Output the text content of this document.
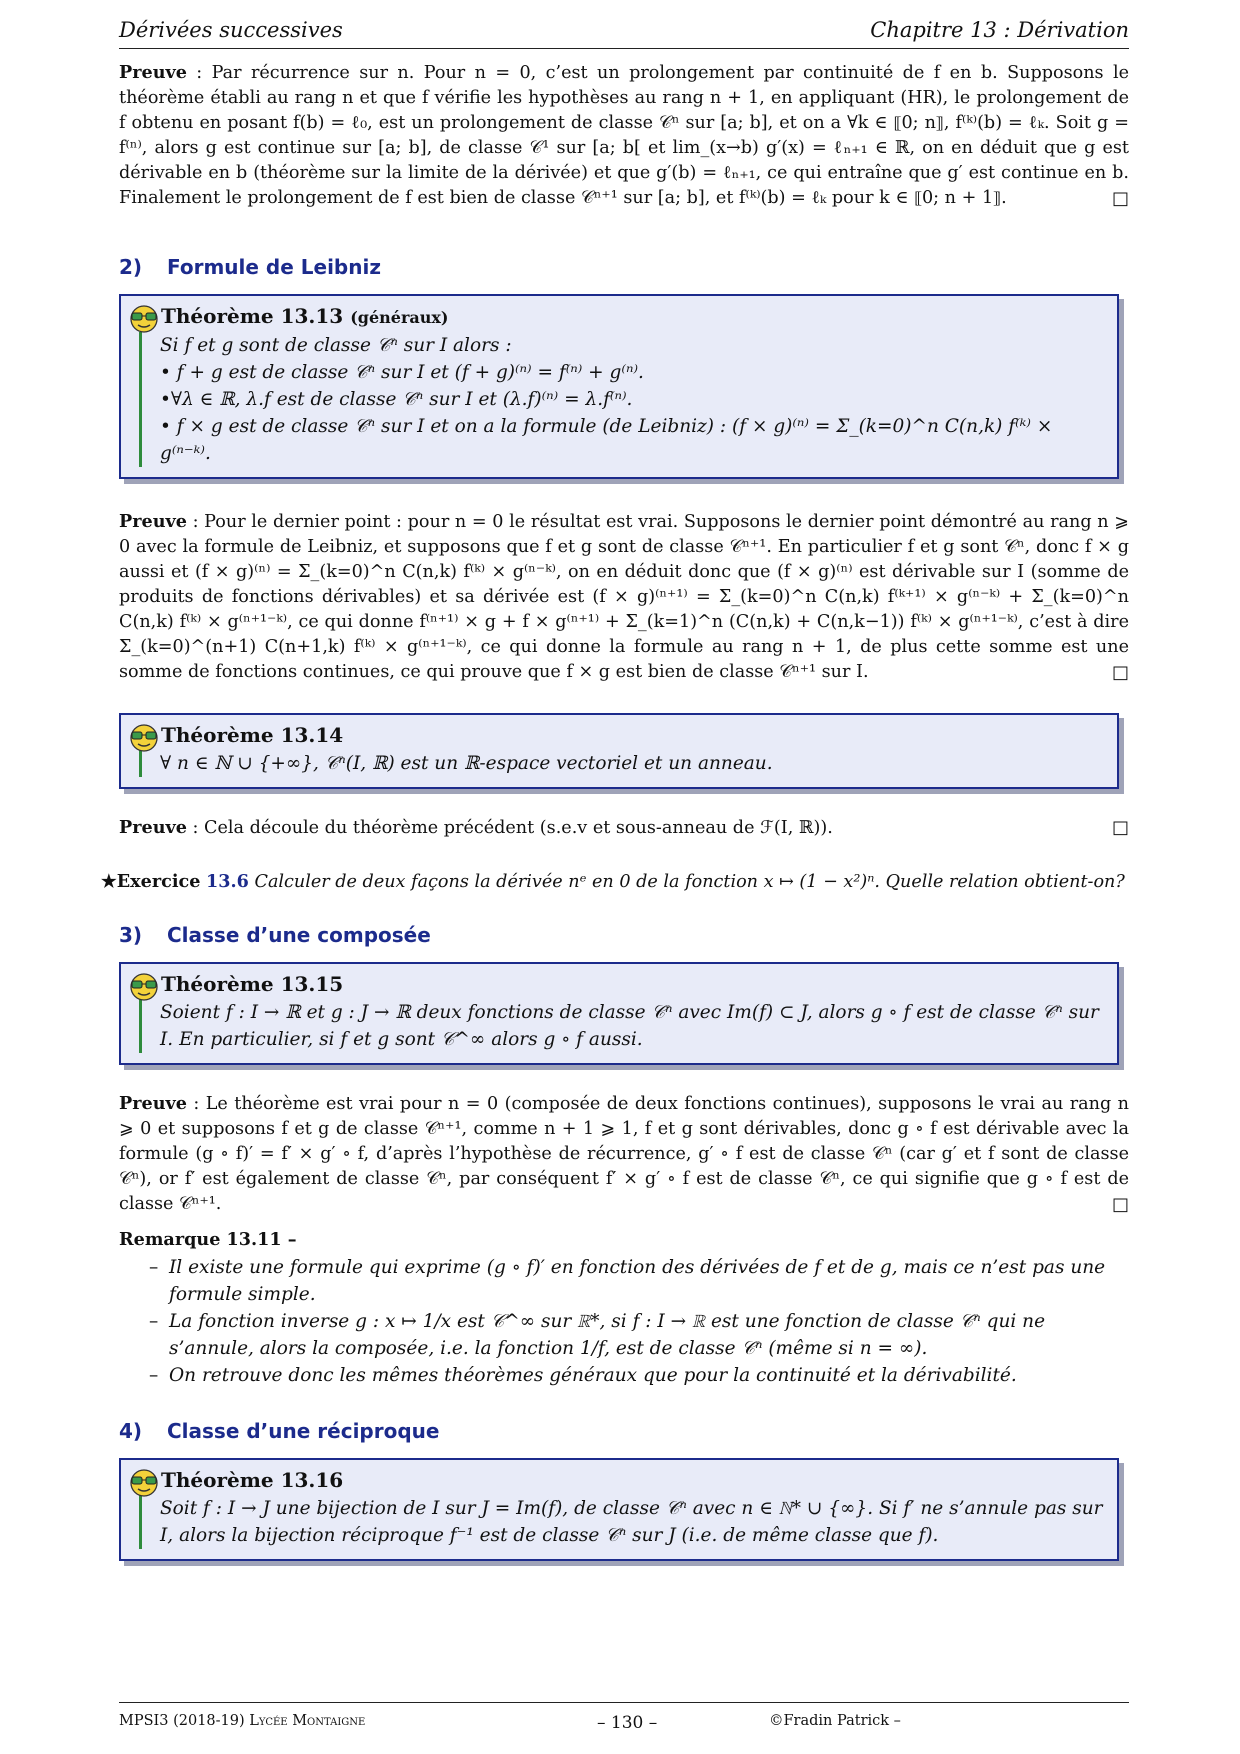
Dérivées successives	Chapitre 13 : Dérivation

Preuve : Par récurrence sur n. Pour n = 0, c’est un prolongement par continuité de f en b. Supposons le théorème établi au rang n et que f vérifie les hypothèses au rang n + 1, en appliquant (HR), le prolongement de f obtenu en posant f(b) = ℓ₀, est un prolongement de classe 𝒞ⁿ sur [a; b], et on a ∀k ∈ ⟦0; n⟧, f⁽ᵏ⁾(b) = ℓₖ. Soit g = f⁽ⁿ⁾, alors g est continue sur [a; b], de classe 𝒞¹ sur [a; b[ et lim_(x→b) g′(x) = ℓₙ₊₁ ∈ ℝ, on en déduit que g est dérivable en b (théorème sur la limite de la dérivée) et que g′(b) = ℓₙ₊₁, ce qui entraîne que g′ est continue en b. Finalement le prolongement de f est bien de classe 𝒞ⁿ⁺¹ sur [a; b], et f⁽ᵏ⁾(b) = ℓₖ pour k ∈ ⟦0; n + 1⟧.	□

2) Formule de Leibniz
Théorème 13.13 (généraux)
Si f et g sont de classe 𝒞ⁿ sur I alors :
• f + g est de classe 𝒞ⁿ sur I et (f + g)⁽ⁿ⁾ = f⁽ⁿ⁾ + g⁽ⁿ⁾.
•∀λ ∈ ℝ, λ.f est de classe 𝒞ⁿ sur I et (λ.f)⁽ⁿ⁾ = λ.f⁽ⁿ⁾.
• f × g est de classe 𝒞ⁿ sur I et on a la formule (de Leibniz) : (f × g)⁽ⁿ⁾ = Σ_(k=0)^n C(n,k) f⁽ᵏ⁾ × g⁽ⁿ⁻ᵏ⁾.

Preuve : Pour le dernier point : pour n = 0 le résultat est vrai. Supposons le dernier point démontré au rang n ⩾ 0 avec la formule de Leibniz, et supposons que f et g sont de classe 𝒞ⁿ⁺¹. En particulier f et g sont 𝒞ⁿ, donc f × g aussi et (f × g)⁽ⁿ⁾ = Σ_(k=0)^n C(n,k) f⁽ᵏ⁾ × g⁽ⁿ⁻ᵏ⁾, on en déduit donc que (f × g)⁽ⁿ⁾ est dérivable sur I (somme de produits de fonctions dérivables) et sa dérivée est (f × g)⁽ⁿ⁺¹⁾ = Σ_(k=0)^n C(n,k) f⁽ᵏ⁺¹⁾ × g⁽ⁿ⁻ᵏ⁾ + Σ_(k=0)^n C(n,k) f⁽ᵏ⁾ × g⁽ⁿ⁺¹⁻ᵏ⁾, ce qui donne f⁽ⁿ⁺¹⁾ × g + f × g⁽ⁿ⁺¹⁾ + Σ_(k=1)^n (C(n,k) + C(n,k−1)) f⁽ᵏ⁾ × g⁽ⁿ⁺¹⁻ᵏ⁾, c’est à dire Σ_(k=0)^(n+1) C(n+1,k) f⁽ᵏ⁾ × g⁽ⁿ⁺¹⁻ᵏ⁾, ce qui donne la formule au rang n + 1, de plus cette somme est une somme de fonctions continues, ce qui prouve que f × g est bien de classe 𝒞ⁿ⁺¹ sur I.	□

Théorème 13.14
∀ n ∈ ℕ ∪ {+∞}, 𝒞ⁿ(I, ℝ) est un ℝ-espace vectoriel et un anneau.

Preuve : Cela découle du théorème précédent (s.e.v et sous-anneau de ℱ(I, ℝ)).	□

★Exercice 13.6 Calculer de deux façons la dérivée nᵉ en 0 de la fonction x ↦ (1 − x²)ⁿ. Quelle relation obtient-on?

3) Classe d’une composée
Théorème 13.15
Soient f : I → ℝ et g : J → ℝ deux fonctions de classe 𝒞ⁿ avec Im(f) ⊂ J, alors g ∘ f est de classe 𝒞ⁿ sur I. En particulier, si f et g sont 𝒞^∞ alors g ∘ f aussi.

Preuve : Le théorème est vrai pour n = 0 (composée de deux fonctions continues), supposons le vrai au rang n ⩾ 0 et supposons f et g de classe 𝒞ⁿ⁺¹, comme n + 1 ⩾ 1, f et g sont dérivables, donc g ∘ f est dérivable avec la formule (g ∘ f)′ = f′ × g′ ∘ f, d’après l’hypothèse de récurrence, g′ ∘ f est de classe 𝒞ⁿ (car g′ et f sont de classe 𝒞ⁿ), or f′ est également de classe 𝒞ⁿ, par conséquent f′ × g′ ∘ f est de classe 𝒞ⁿ, ce qui signifie que g ∘ f est de classe 𝒞ⁿ⁺¹.	□

Remarque 13.11 –
– Il existe une formule qui exprime (g ∘ f)′ en fonction des dérivées de f et de g, mais ce n’est pas une formule simple.
– La fonction inverse g : x ↦ 1/x est 𝒞^∞ sur ℝ*, si f : I → ℝ est une fonction de classe 𝒞ⁿ qui ne s’annule, alors la composée, i.e. la fonction 1/f, est de classe 𝒞ⁿ (même si n = ∞).
– On retrouve donc les mêmes théorèmes généraux que pour la continuité et la dérivabilité.
4) Classe d’une réciproque
Théorème 13.16
Soit f : I → J une bijection de I sur J = Im(f), de classe 𝒞ⁿ avec n ∈ ℕ* ∪ {∞}. Si f′ ne s’annule pas sur I, alors la bijection réciproque f⁻¹ est de classe 𝒞ⁿ sur J (i.e. de même classe que f).
MPSI3 (2018-19) Lycée Montaigne	– 130 –	©Fradin Patrick –
